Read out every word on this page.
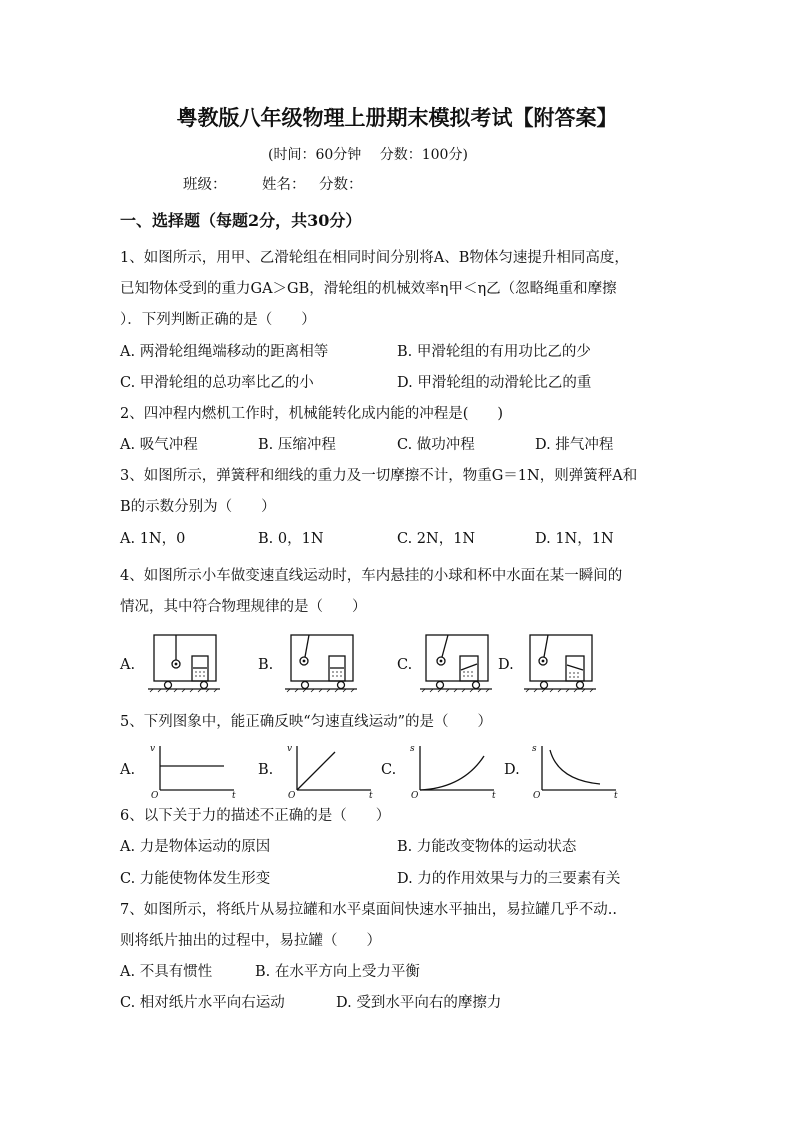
粤教版八年级物理上册期末模拟考试【附答案】
(时间：60分钟　 分数：100分)
班级： 姓名： 分数：
一、选择题（每题2分，共30分）
1、如图所示，用甲、乙滑轮组在相同时间分别将A、B物体匀速提升相同高度，
已知物体受到的重力GA＞GB，滑轮组的机械效率η甲＜η乙（忽略绳重和摩擦
）．下列判断正确的是（　　）
A. 两滑轮组绳端移动的距离相等	B. 甲滑轮组的有用功比乙的少
C. 甲滑轮组的总功率比乙的小	D. 甲滑轮组的动滑轮比乙的重
2、四冲程内燃机工作时，机械能转化成内能的冲程是(　　)
A. 吸气冲程	B. 压缩冲程	C. 做功冲程	D. 排气冲程
3、如图所示，弹簧秤和细线的重力及一切摩擦不计，物重G＝1N，则弹簧秤A和
B的示数分别为（　　）
A. 1N，0	B. 0，1N	C. 2N，1N	D. 1N，1N
4、如图所示小车做变速直线运动时，车内悬挂的小球和杯中水面在某一瞬间的
情况，其中符合物理规律的是（　　）
A.	B.	C.	D.
5、下列图象中，能正确反映“匀速直线运动”的是（　　）
A.	B.	C.	D.
v
t
O
v
t
O
s
t
O
s
t
O
6、以下关于力的描述不正确的是（　　）
A. 力是物体运动的原因	B. 力能改变物体的运动状态
C. 力能使物体发生形变	D. 力的作用效果与力的三要素有关
7、如图所示，将纸片从易拉罐和水平桌面间快速水平抽出，易拉罐几乎不动..
则将纸片抽出的过程中，易拉罐（　　）
A. 不具有惯性	B. 在水平方向上受力平衡
C. 相对纸片水平向右运动	D. 受到水平向右的摩擦力
